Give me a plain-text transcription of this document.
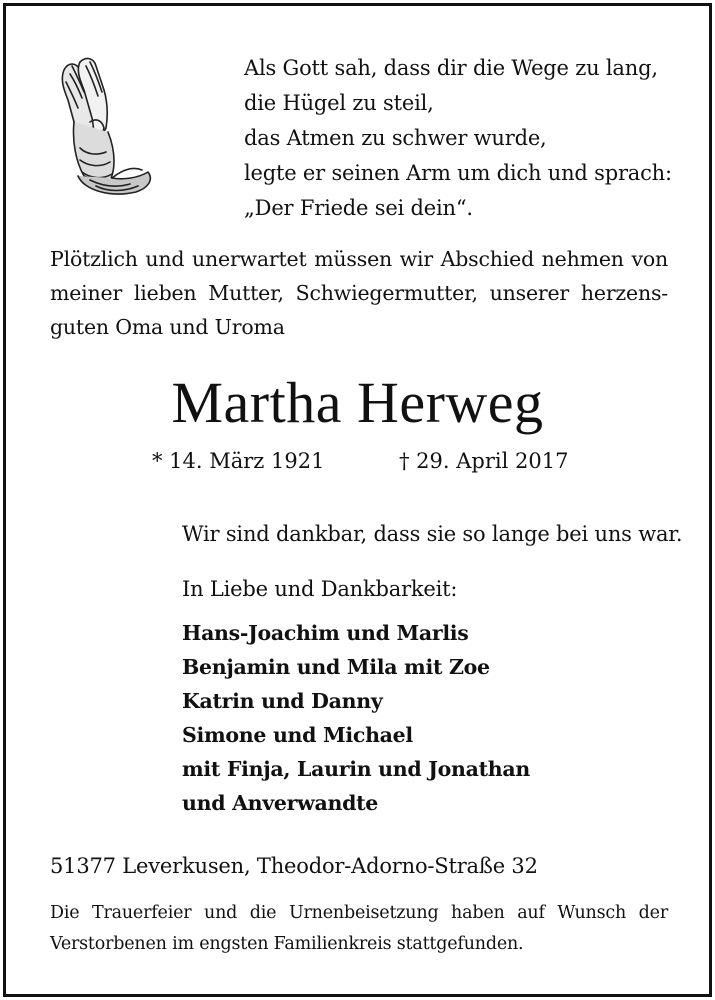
Als Gott sah, dass dir die Wege zu lang,
die Hügel zu steil,
das Atmen zu schwer wurde,
legte er seinen Arm um dich und sprach:
„Der Friede sei dein“.
Plötzlich und unerwartet müssen wir Abschied nehmen von
meiner lieben Mutter, Schwiegermutter, unserer herzens-
guten Oma und Uroma
Martha Herweg
* 14. März 1921	† 29. April 2017
Wir sind dankbar, dass sie so lange bei uns war.
In Liebe und Dankbarkeit:
Hans-Joachim und Marlis
Benjamin und Mila mit Zoe
Katrin und Danny
Simone und Michael
mit Finja, Laurin und Jonathan
und Anverwandte
51377 Leverkusen, Theodor-Adorno-Straße 32
Die Trauerfeier und die Urnenbeisetzung haben auf Wunsch der
Verstorbenen im engsten Familienkreis stattgefunden.
